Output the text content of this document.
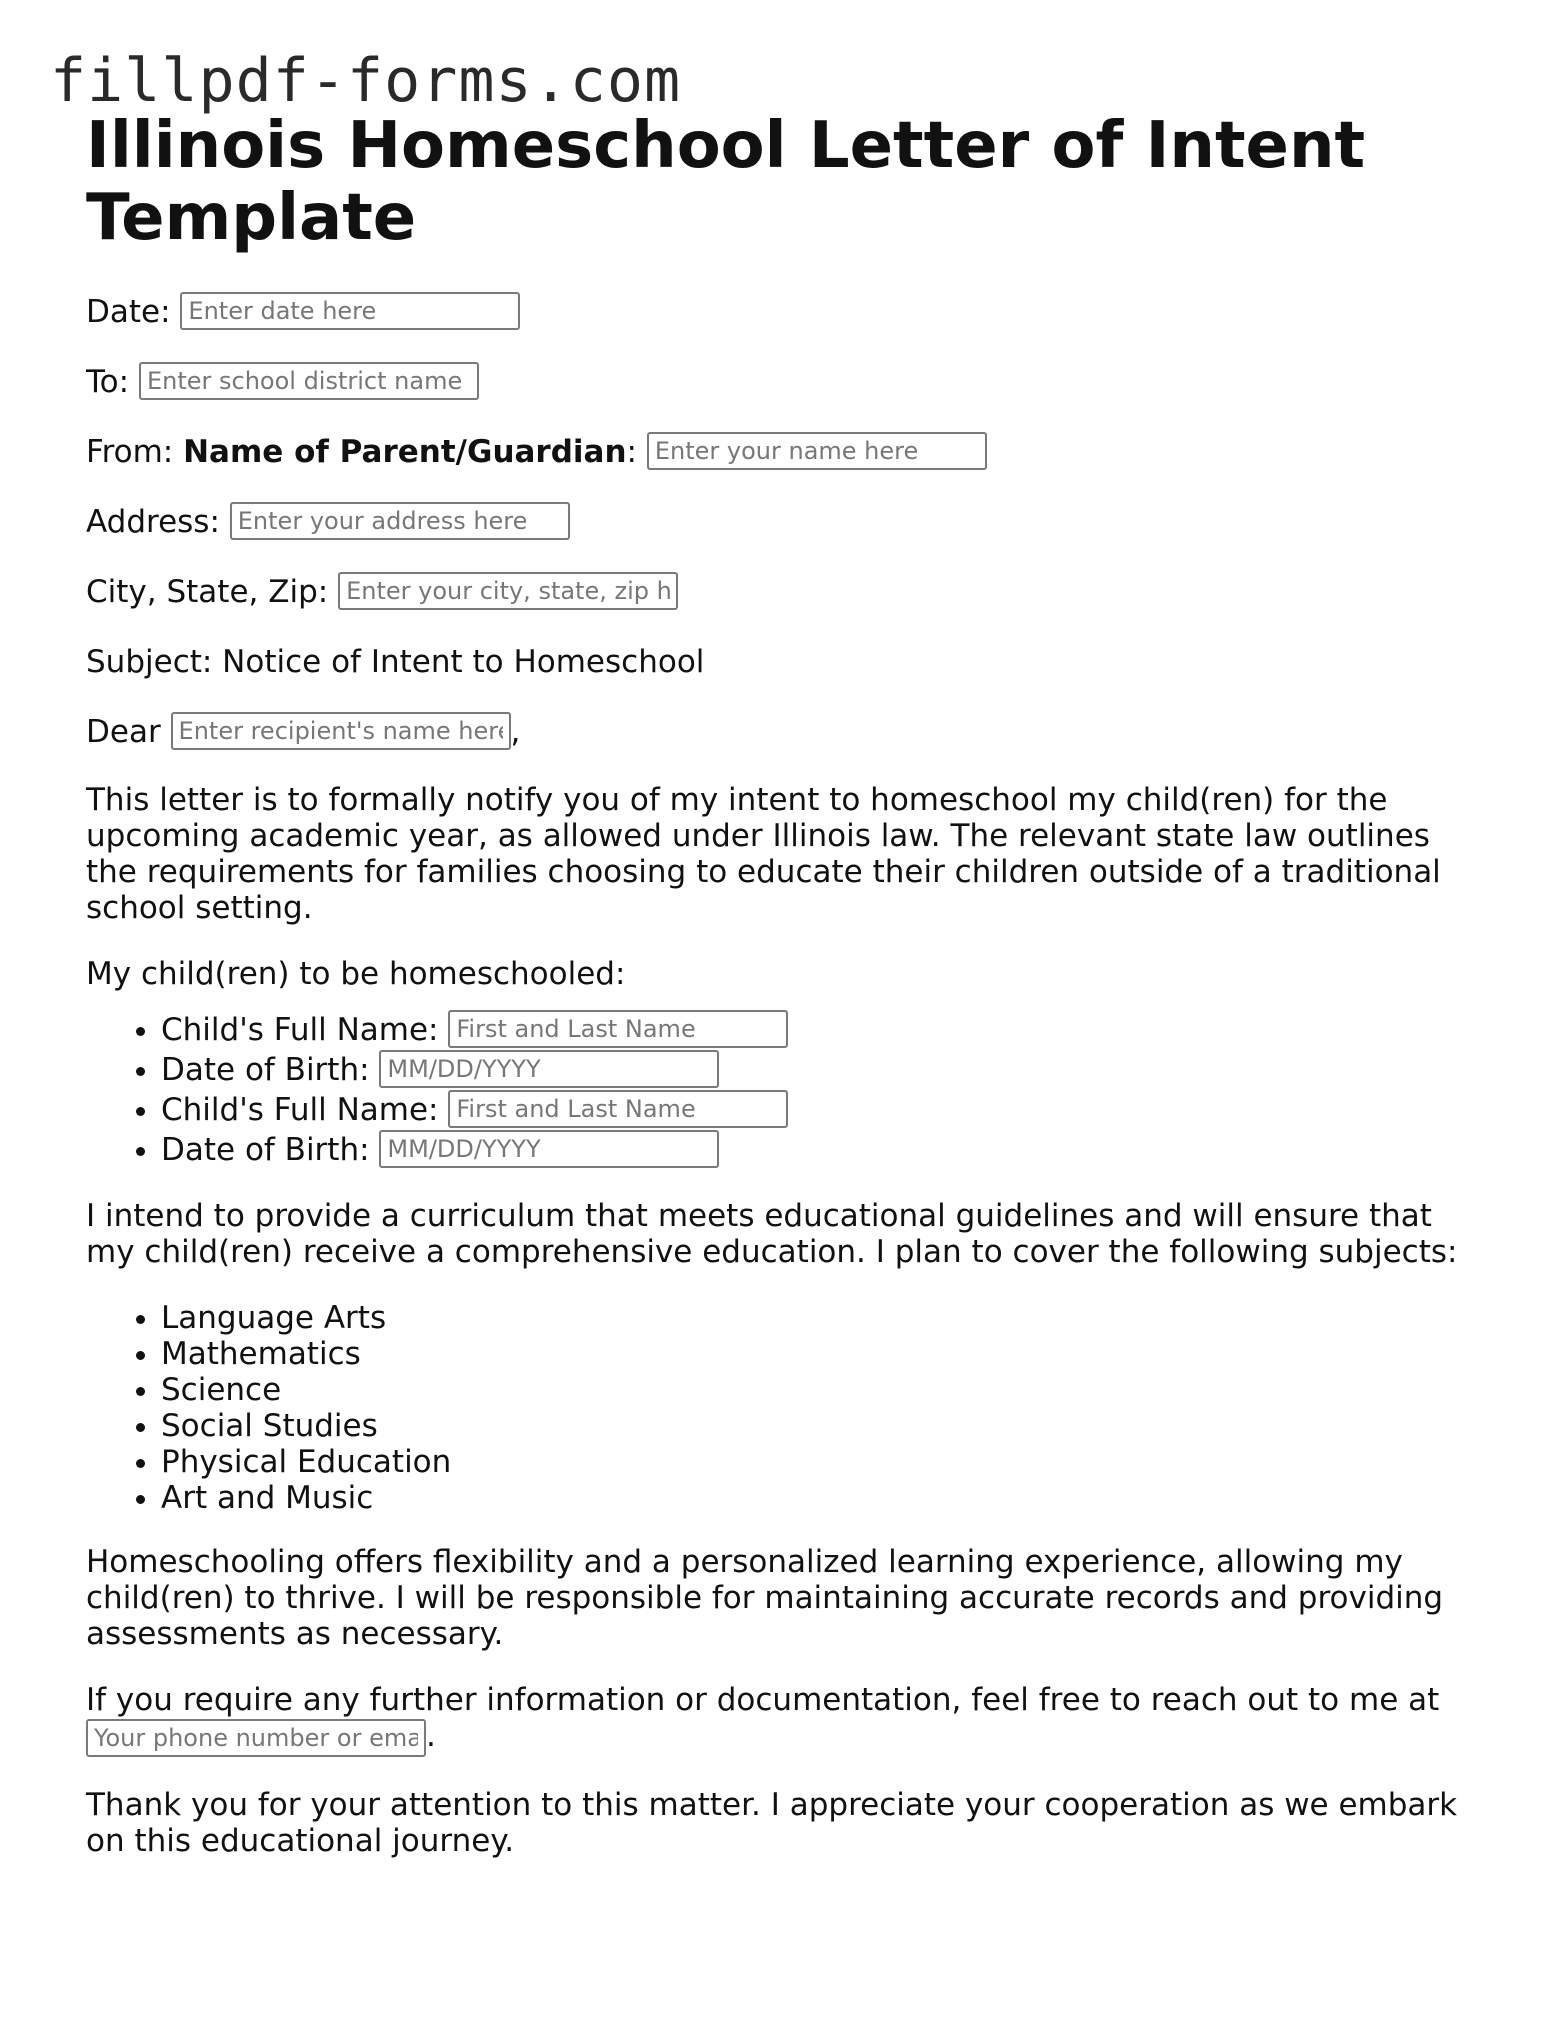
fillpdf-forms.com
Illinois Homeschool Letter of Intent Template
Date: Enter date here
To: Enter school district name
From: Name of Parent/Guardian: Enter your name here
Address: Enter your address here
City, State, Zip: Enter your city, state, zip here
Subject: Notice of Intent to Homeschool
Dear Enter recipient's name here	,

This letter is to formally notify you of my intent to homeschool my child(ren) for the upcoming academic year, as allowed under Illinois law. The relevant state law outlines the requirements for families choosing to educate their children outside of a traditional school setting.

My child(ren) to be homeschooled:

• Child's Full Name: First and Last Name
• Date of Birth: MM/DD/YYYY
• Child's Full Name: First and Last Name
• Date of Birth: MM/DD/YYYY

I intend to provide a curriculum that meets educational guidelines and will ensure that my child(ren) receive a comprehensive education. I plan to cover the following subjects:

• Language Arts
• Mathematics
• Science
• Social Studies
• Physical Education
• Art and Music

Homeschooling offers flexibility and a personalized learning experience, allowing my child(ren) to thrive. I will be responsible for maintaining accurate records and providing assessments as necessary.

If you require any further information or documentation, feel free to reach out to me at Your phone number or email.

Thank you for your attention to this matter. I appreciate your cooperation as we embark on this educational journey.
